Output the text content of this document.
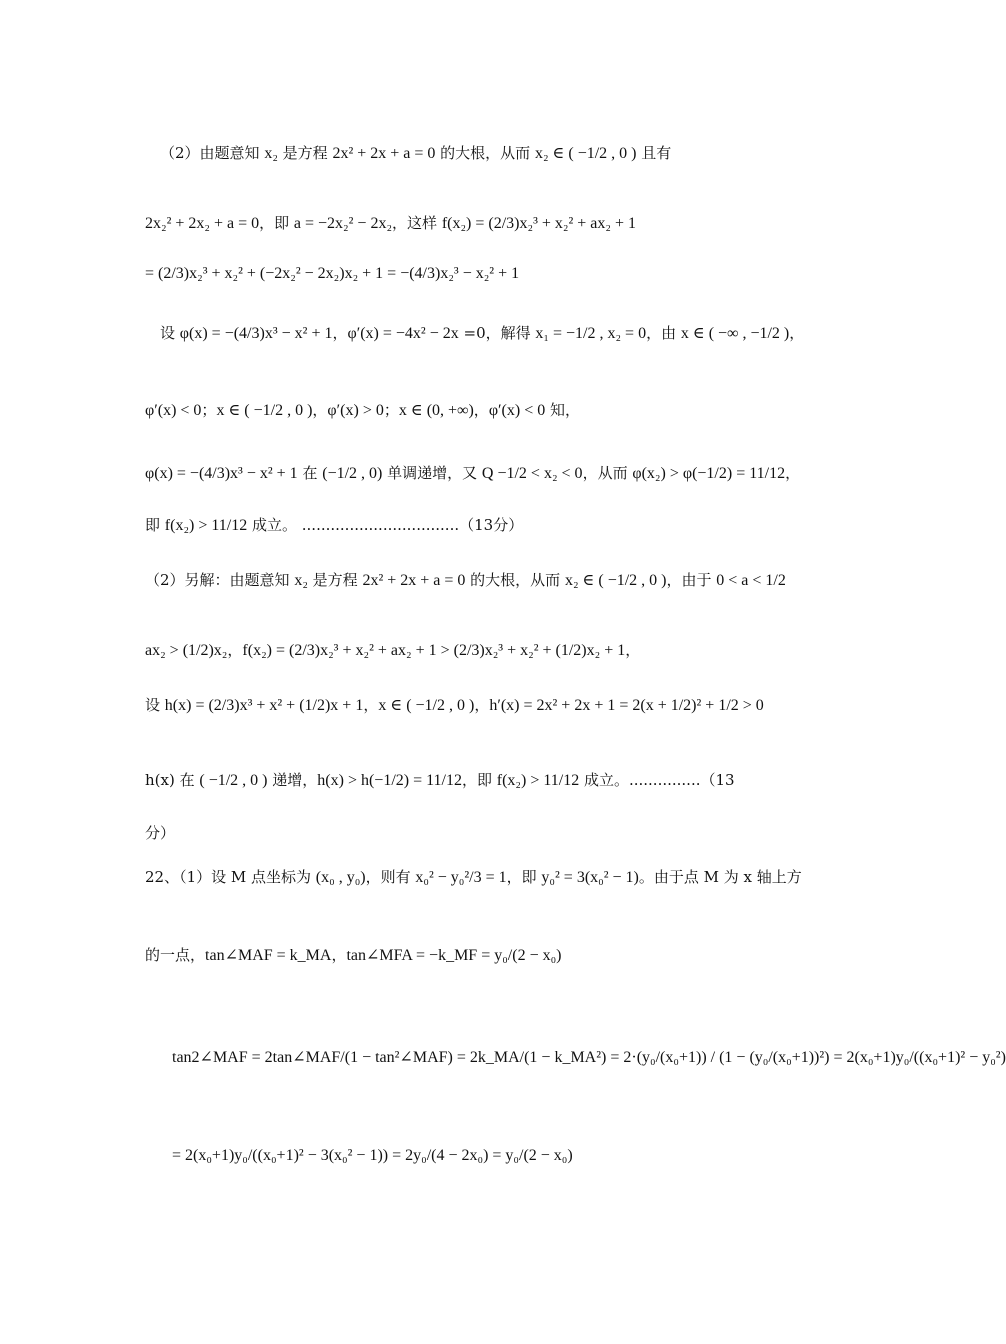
（2）由题意知 x₂ 是方程 2x² + 2x + a = 0 的大根，从而 x₂ ∈ ( −1/2 , 0 ) 且有
2x₂² + 2x₂ + a = 0，即 a = −2x₂² − 2x₂，这样 f(x₂) = (2/3)x₂³ + x₂² + ax₂ + 1
= (2/3)x₂³ + x₂² + (−2x₂² − 2x₂)x₂ + 1 = −(4/3)x₂³ − x₂² + 1
设 φ(x) = −(4/3)x³ − x² + 1，φ′(x) = −4x² − 2x =0，解得 x₁ = −1/2 , x₂ = 0，由 x ∈ ( −∞ , −1/2 )，
φ′(x) < 0；x ∈ ( −1/2 , 0 )，φ′(x) > 0；x ∈ (0, +∞)，φ′(x) < 0 知，
φ(x) = −(4/3)x³ − x² + 1 在 (−1/2 , 0) 单调递增，又 Q −1/2 < x₂ < 0，从而 φ(x₂) > φ(−1/2) = 11/12，
即 f(x₂) > 11/12 成立。 .................................（13分）
（2）另解：由题意知 x₂ 是方程 2x² + 2x + a = 0 的大根，从而 x₂ ∈ ( −1/2 , 0 )，由于 0 < a < 1/2
ax₂ > (1/2)x₂，f(x₂) = (2/3)x₂³ + x₂² + ax₂ + 1 > (2/3)x₂³ + x₂² + (1/2)x₂ + 1，
设 h(x) = (2/3)x³ + x² + (1/2)x + 1，x ∈ ( −1/2 , 0 )，h′(x) = 2x² + 2x + 1 = 2(x + 1/2)² + 1/2 > 0
h(x) 在 ( −1/2 , 0 ) 递增，h(x) > h(−1/2) = 11/12，即 f(x₂) > 11/12 成立。...............（13
分）
22、（1）设 M 点坐标为 (x₀ , y₀)，则有 x₀² − y₀²/3 = 1，即 y₀² = 3(x₀² − 1)。由于点 M 为 x 轴上方
的一点，tan∠MAF = k_MA，tan∠MFA = −k_MF = y₀/(2 − x₀)
tan2∠MAF = 2tan∠MAF/(1 − tan²∠MAF) = 2k_MA/(1 − k_MA²) = 2·(y₀/(x₀+1)) / (1 − (y₀/(x₀+1))²) = 2(x₀+1)y₀/((x₀+1)² − y₀²)
= 2(x₀+1)y₀/((x₀+1)² − 3(x₀² − 1)) = 2y₀/(4 − 2x₀) = y₀/(2 − x₀)
